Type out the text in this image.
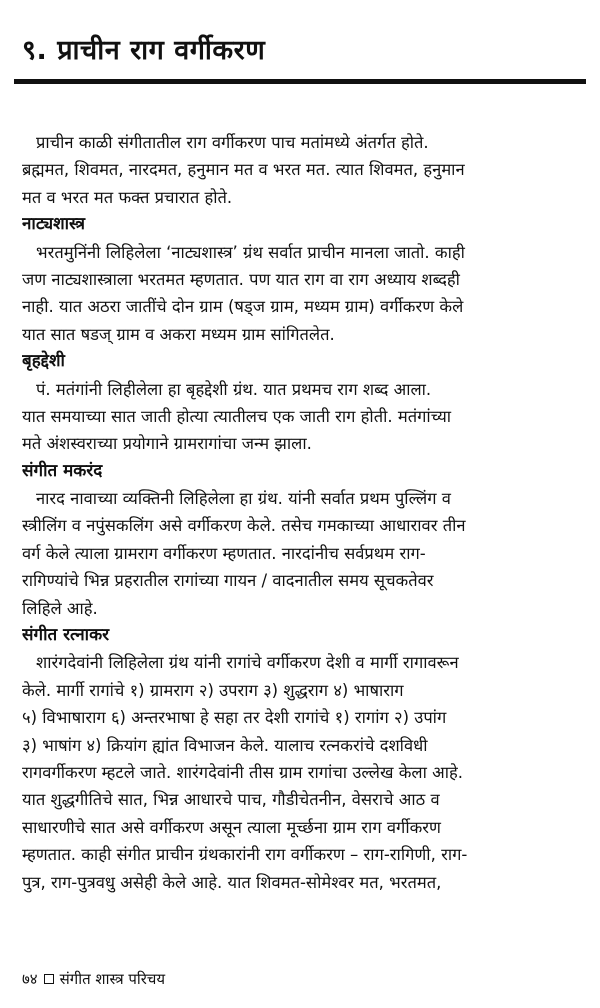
९. प्राचीन राग वर्गीकरण
प्राचीन काळी संगीतातील राग वर्गीकरण पाच मतांमध्ये अंतर्गत होते.
ब्रह्ममत, शिवमत, नारदमत, हनुमान मत व भरत मत. त्यात शिवमत, हनुमान
मत व भरत मत फक्त प्रचारात होते.
नाट्यशास्त्र
भरतमुनिंनी लिहिलेला ‘नाट्यशास्त्र’ ग्रंथ सर्वात प्राचीन मानला जातो. काही
जण नाट्यशास्त्राला भरतमत म्हणतात. पण यात राग वा राग अध्याय शब्दही
नाही. यात अठरा जातींचे दोन ग्राम (षड्ज ग्राम, मध्यम ग्राम) वर्गीकरण केले
यात सात षडज् ग्राम व अकरा मध्यम ग्राम सांगितलेत.
बृहद्देशी
पं. मतंगांनी लिहीलेला हा बृहद्देशी ग्रंथ. यात प्रथमच राग शब्द आला.
यात समयाच्या सात जाती होत्या त्यातीलच एक जाती राग होती. मतंगांच्या
मते अंशस्वराच्या प्रयोगाने ग्रामरागांचा जन्म झाला.
संगीत मकरंद
नारद नावाच्या व्यक्तिनी लिहिलेला हा ग्रंथ. यांनी सर्वात प्रथम पुल्लिंग व
स्त्रीलिंग व नपुंसकलिंग असे वर्गीकरण केले. तसेच गमकाच्या आधारावर तीन
वर्ग केले त्याला ग्रामराग वर्गीकरण म्हणतात. नारदांनीच सर्वप्रथम राग-
रागिण्यांचे भिन्न प्रहरातील रागांच्या गायन / वादनातील समय सूचकतेवर
लिहिले आहे.
संगीत रत्नाकर
शारंगदेवांनी लिहिलेला ग्रंथ यांनी रागांचे वर्गीकरण देशी व मार्गी रागावरून
केले. मार्गी रागांचे १) ग्रामराग २) उपराग ३) शुद्धराग ४) भाषाराग
५) विभाषाराग ६) अन्तरभाषा हे सहा तर देशी रागांचे १) रागांग २) उपांग
३) भाषांग ४) क्रियांग ह्यांत विभाजन केले. यालाच रत्नकरांचे दशविधी
रागवर्गीकरण म्हटले जाते. शारंगदेवांनी तीस ग्राम रागांचा उल्लेख केला आहे.
यात शुद्धगीतिचे सात, भिन्न आधारचे पाच, गौडीचेतनीन, वेसराचे आठ व
साधारणीचे सात असे वर्गीकरण असून त्याला मूर्च्छना ग्राम राग वर्गीकरण
म्हणतात. काही संगीत प्राचीन ग्रंथकारांनी राग वर्गीकरण – राग-रागिणी, राग-
पुत्र, राग-पुत्रवधु असेही केले आहे. यात शिवमत-सोमेश्वर मत, भरतमत,
७४ संगीत शास्त्र परिचय
